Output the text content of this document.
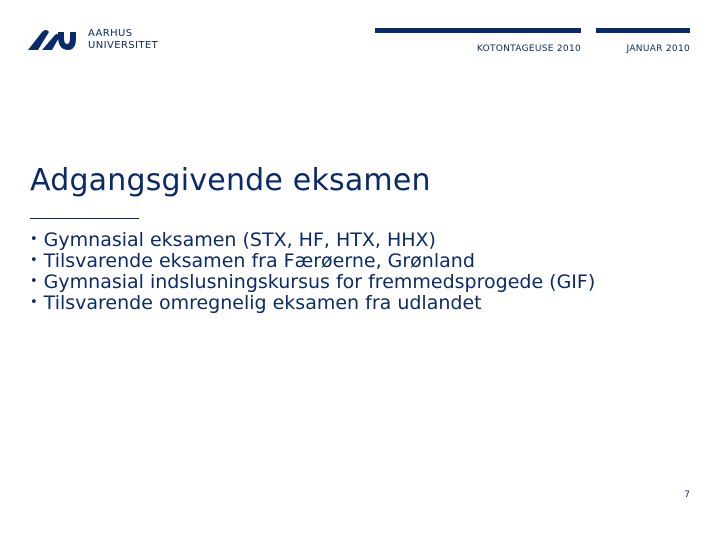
AARHUS
UNIVERSITET	KOTONTAGEUSE 2010	JANUAR 2010
Adgangsgivende eksamen
• Gymnasial eksamen (STX, HF, HTX, HHX)
• Tilsvarende eksamen fra Færøerne, Grønland
• Gymnasial indslusningskursus for fremmedsprogede (GIF)
• Tilsvarende omregnelig eksamen fra udlandet
7
